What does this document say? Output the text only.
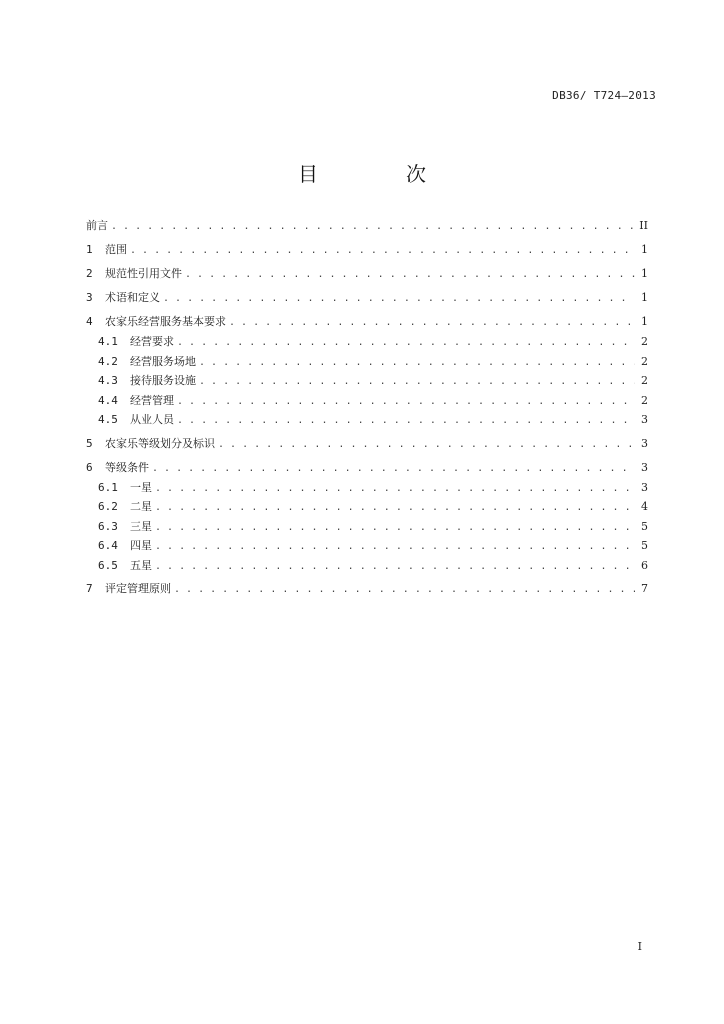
DB36/ T724—2013
目　次
前言 . . .	II
1	范围 . . .	1
2	规范性引用文件 . . .	1
3	术语和定义 . . .	1
4	农家乐经营服务基本要求 . . .	1
4.1	经营要求 . . .	2
4.2	经营服务场地 . . .	2
4.3	接待服务设施 . . .	2
4.4	经营管理 . . .	2
4.5	从业人员 . . .	3
5	农家乐等级划分及标识 . . .	3
6	等级条件 . . .	3
6.1	一星 . . .	3
6.2	二星 . . .	4
6.3	三星 . . .	5
6.4	四星 . . .	5
6.5	五星 . . .	6
7	评定管理原则 . . .	7
I
